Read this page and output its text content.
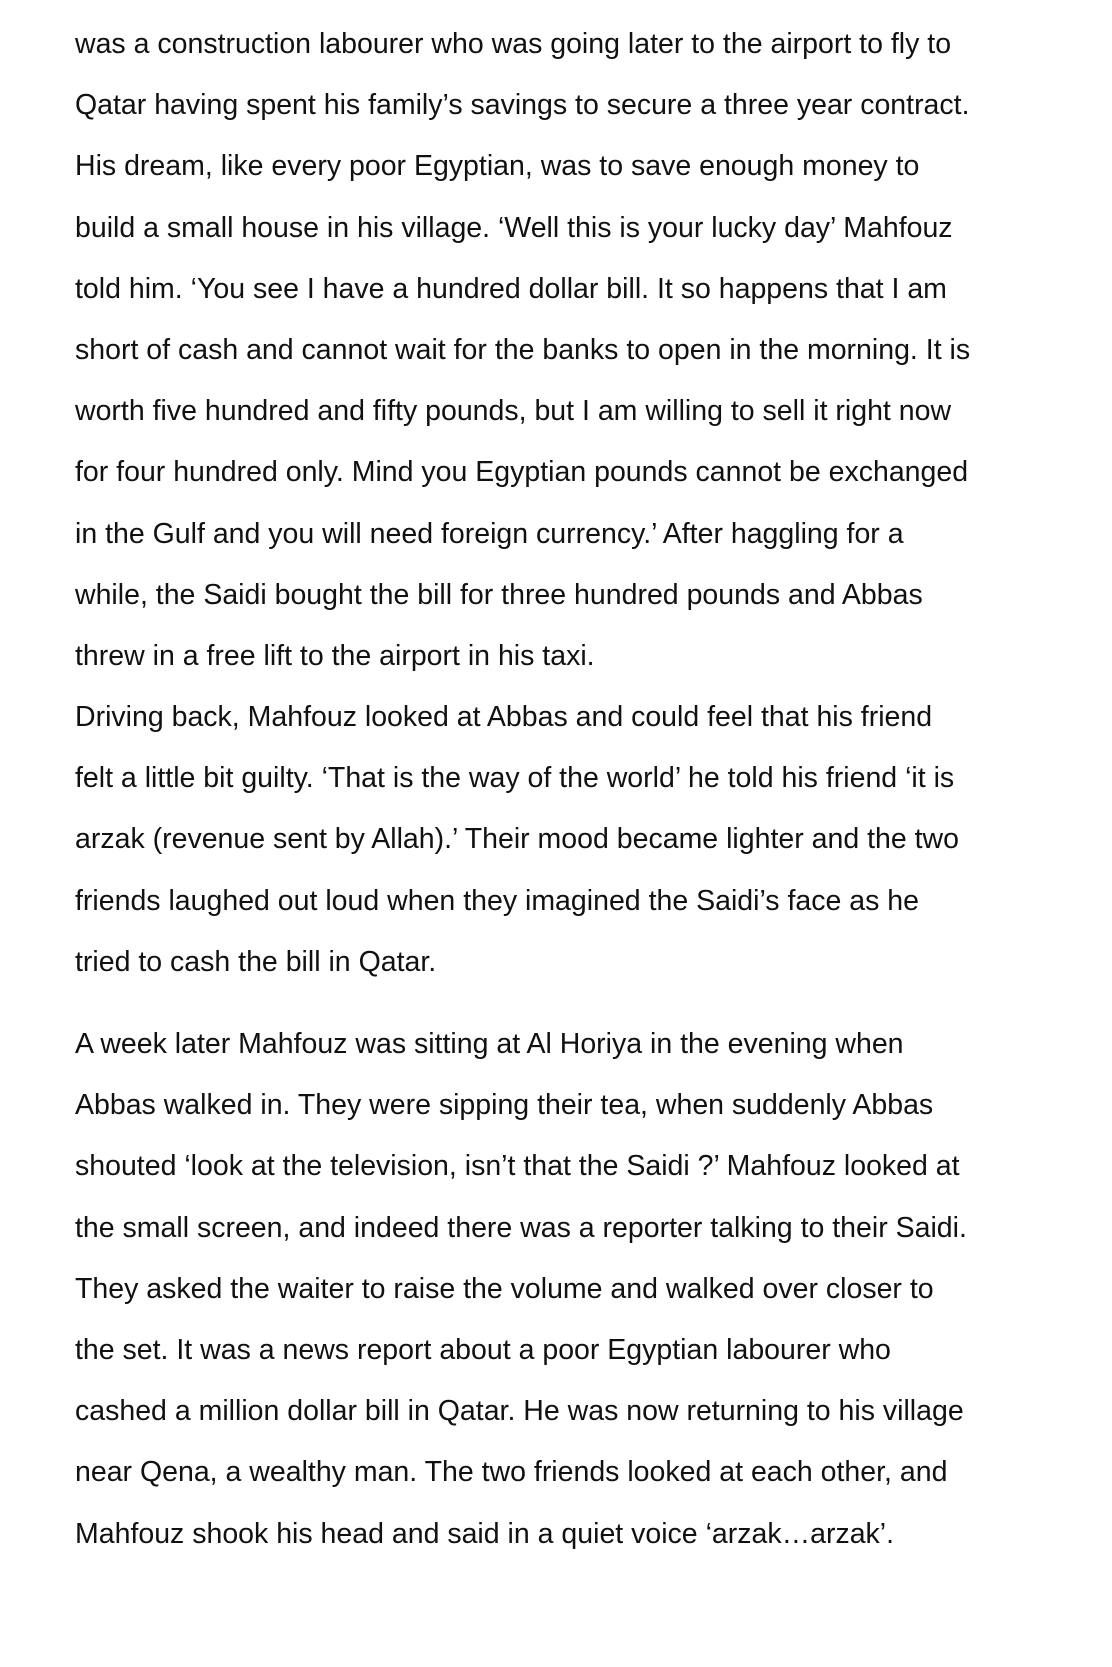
was a construction labourer who was going later to the airport to fly to
Qatar having spent his family’s savings to secure a three year contract.
His dream, like every poor Egyptian, was to save enough money to
build a small house in his village. ‘Well this is your lucky day’ Mahfouz
told him. ‘You see I have a hundred dollar bill. It so happens that I am
short of cash and cannot wait for the banks to open in the morning. It is
worth five hundred and fifty pounds, but I am willing to sell it right now
for four hundred only. Mind you Egyptian pounds cannot be exchanged
in the Gulf and you will need foreign currency.’ After haggling for a
while, the Saidi bought the bill for three hundred pounds and Abbas
threw in a free lift to the airport in his taxi.
Driving back, Mahfouz looked at Abbas and could feel that his friend
felt a little bit guilty. ‘That is the way of the world’ he told his friend ‘it is
arzak (revenue sent by Allah).’ Their mood became lighter and the two
friends laughed out loud when they imagined the Saidi’s face as he
tried to cash the bill in Qatar.
A week later Mahfouz was sitting at Al Horiya in the evening when
Abbas walked in. They were sipping their tea, when suddenly Abbas
shouted ‘look at the television, isn’t that the Saidi ?’ Mahfouz looked at
the small screen, and indeed there was a reporter talking to their Saidi.
They asked the waiter to raise the volume and walked over closer to
the set. It was a news report about a poor Egyptian labourer who
cashed a million dollar bill in Qatar. He was now returning to his village
near Qena, a wealthy man. The two friends looked at each other, and
Mahfouz shook his head and said in a quiet voice ‘arzak…arzak’.
